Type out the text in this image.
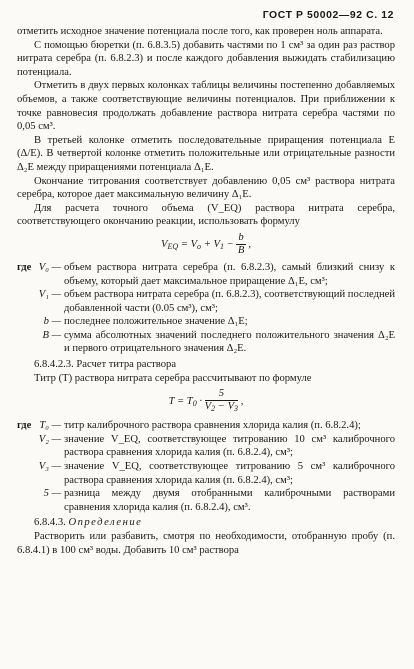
ГОСТ Р 50002—92 С. 12

отметить исходное значение потенциала после того, как проверен ноль аппарата.

С помощью бюретки (п. 6.8.3.5) добавить частями по 1 см³ за один раз раствор нитрата серебра (п. 6.8.2.3) и после каждого добавления выжидать стабилизацию потенциала.

Отметить в двух первых колонках таблицы величины постепенно добавляемых объемов, а также соответствующие величины потенциалов. При приближении к точке равновесия продолжать добавление раствора нитрата серебра частями по 0,05 см³.

В третьей колонке отметить последовательные приращения потенциала E (Δ/E). В четвертой колонке отметить положительные или отрицательные разности Δ₂E между приращениями потенциала Δ₁E.

Окончание титрования соответствует добавлению 0,05 см³ раствора нитрата серебра, которое дает максимальную величину Δ₁E.

Для расчета точного объема (V_EQ) раствора нитрата серебра, соответствующего окончанию реакции, использовать формулу

VEQ = $Vo + V1 - \frac{b}{B}$ ,
где V₀ — объем раствора нитрата серебра (п. 6.8.2.3), самый близкий снизу к объему, который дает максимальное приращение Δ₁E, см³;
V₁ — объем раствора нитрата серебра (п. 6.8.2.3), соответствующий последней добавленной части (0.05 см³), см³;
b — последнее положительное значение Δ₁E;
B — сумма абсолютных значений последнего положительного значения Δ₂E и первого отрицательного значения Δ₂E.

6.8.4.2.3. Расчет титра раствора

Титр (T) раствора нитрата серебра рассчитывают по формуле

$T = T0 \cdot \frac{5}{V2 - V3}$ ,
где T₀ — титр калиброчного раствора сравнения хлорида калия (п. 6.8.2.4);
V₂ — значение V_EQ, соответствующее титрованию 10 см³ калиброчного раствора сравнения хлорида калия (п. 6.8.2.4), см³;
V₃ — значение V_EQ, соответствующее титрованию 5 см³ калиброчного раствора сравнения хлорида калия (п. 6.8.2.4), см³;
5 — разница между двумя отобранными калиброчными растворами сравнения хлорида калия (п. 6.8.2.4), см³.

6.8.4.3. Определение

Растворить или разбавить, смотря по необходимости, отобранную пробу (п. 6.8.4.1) в 100 см³ воды. Добавить 10 см³ раствора
